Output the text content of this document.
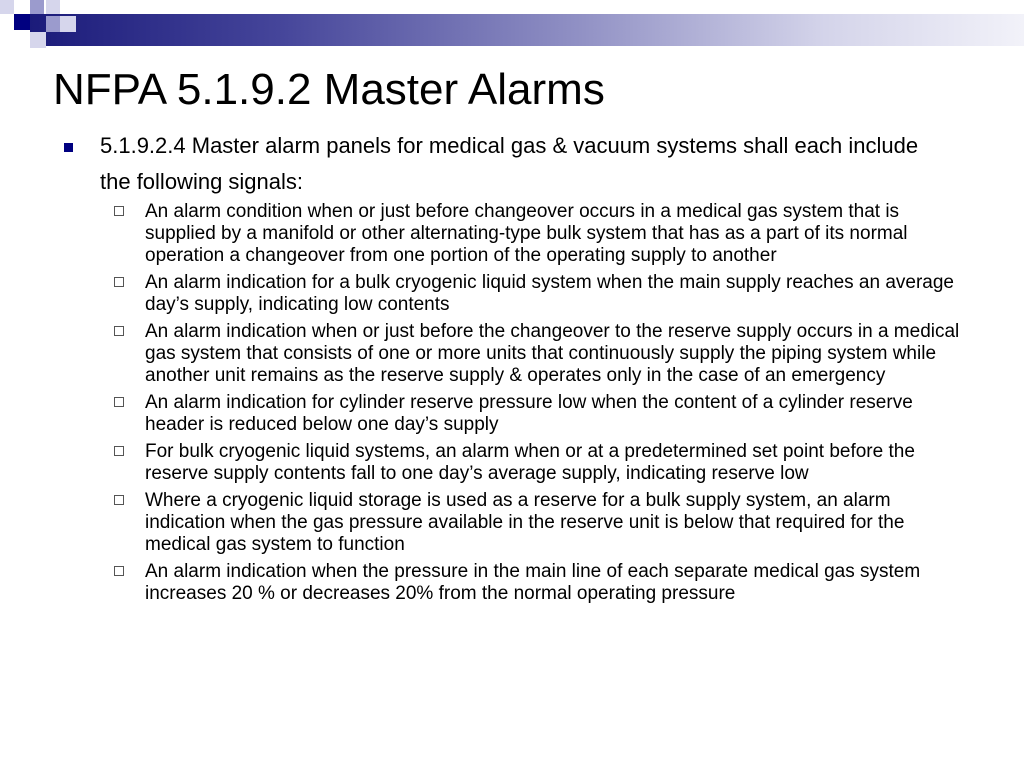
NFPA 5.1.9.2 Master Alarms
5.1.9.2.4 Master alarm panels for medical gas & vacuum systems shall each include the following signals:
An alarm condition when or just before changeover occurs in a medical gas system that is supplied by a manifold or other alternating-type bulk system that has as a part of its normal operation a changeover from one portion of the operating supply to another
An alarm indication for a bulk cryogenic liquid system when the main supply reaches an average day’s supply, indicating low contents
An alarm indication when or just before the changeover to the reserve supply occurs in a medical gas system that consists of one or more units that continuously supply the piping system while another unit remains as the reserve supply & operates only in the case of an emergency
An alarm indication for cylinder reserve pressure low when the content of a cylinder reserve header is reduced below one day’s supply
For bulk cryogenic liquid systems, an alarm when or at a predetermined set point before the reserve supply contents fall to one day’s average supply, indicating reserve low
Where a cryogenic liquid storage is used as a reserve for a bulk supply system, an alarm indication when the gas pressure available in the reserve unit is below that required for the medical gas system to function
An alarm indication when the pressure in the main line of each separate medical gas system increases 20 % or decreases 20% from the normal operating pressure
